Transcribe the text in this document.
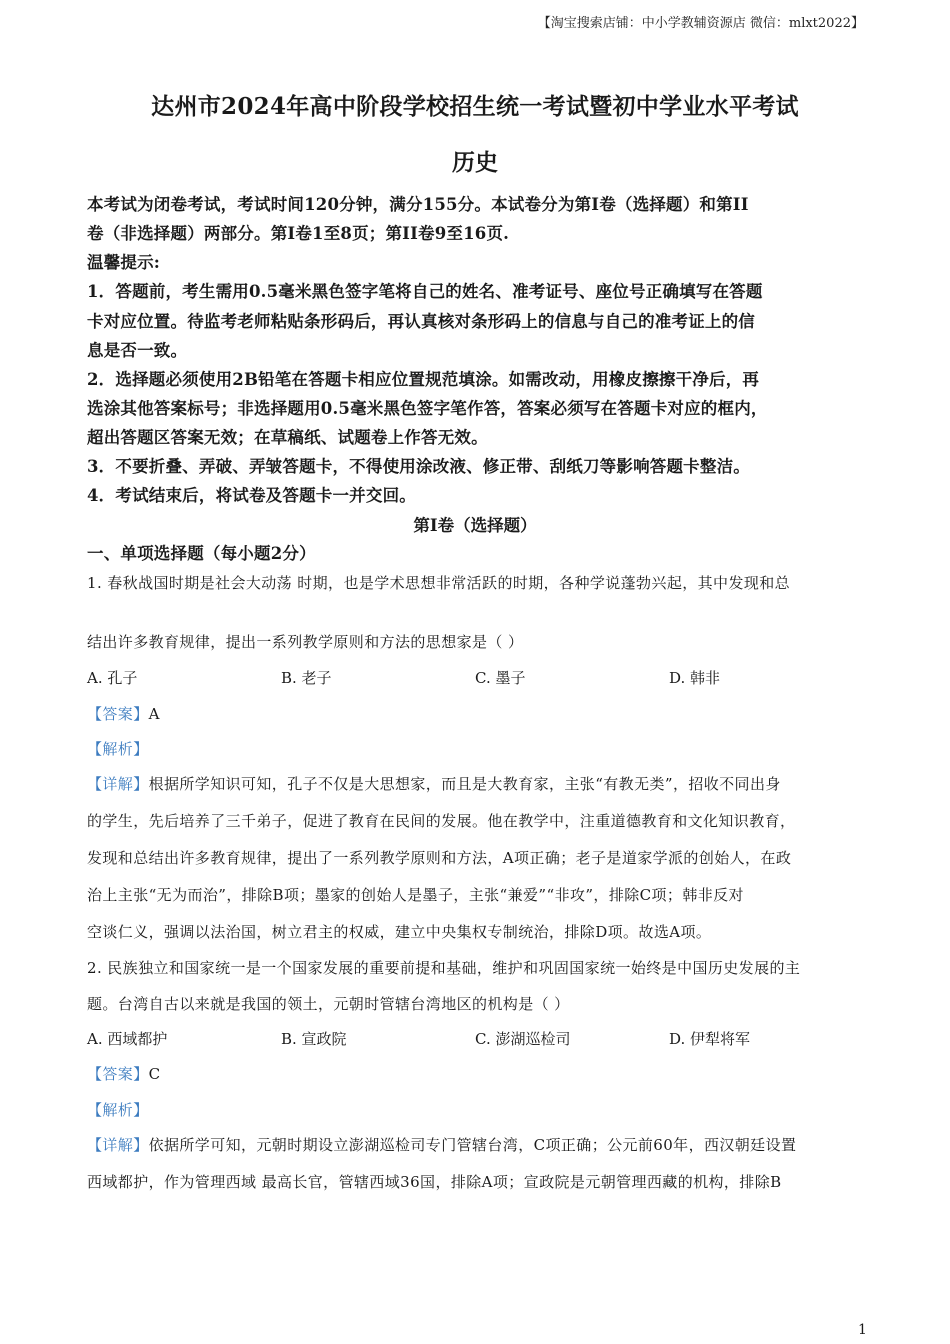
【淘宝搜索店铺：中小学教辅资源店 微信：mlxt2022】
达州市2024年高中阶段学校招生统一考试暨初中学业水平考试
历史
本考试为闭卷考试，考试时间120分钟，满分155分。本试卷分为第I卷（选择题）和第II
卷（非选择题）两部分。第I卷1至8页；第II卷9至16页.
温馨提示:
1．答题前，考生需用0.5毫米黑色签字笔将自己的姓名、准考证号、座位号正确填写在答题
卡对应位置。待监考老师粘贴条形码后，再认真核对条形码上的信息与自己的准考证上的信
息是否一致。
2．选择题必须使用2B铅笔在答题卡相应位置规范填涂。如需改动，用橡皮擦擦干净后，再
选涂其他答案标号；非选择题用0.5毫米黑色签字笔作答，答案必须写在答题卡对应的框内，
超出答题区答案无效；在草稿纸、试题卷上作答无效。
3．不要折叠、弄破、弄皱答题卡，不得使用涂改液、修正带、刮纸刀等影响答题卡整洁。
4．考试结束后，将试卷及答题卡一并交回。
第Ⅰ卷（选择题）
一、单项选择题（每小题2分）
1. 春秋战国时期是社会大动荡 时期，也是学术思想非常活跃的时期，各种学说蓬勃兴起，其中发现和总
结出许多教育规律，提出一系列教学原则和方法的思想家是（ ）
A. 孔子	B. 老子	C. 墨子	D. 韩非
【答案】A
【解析】
【详解】根据所学知识可知，孔子不仅是大思想家，而且是大教育家，主张“有教无类”，招收不同出身
的学生，先后培养了三千弟子，促进了教育在民间的发展。他在教学中，注重道德教育和文化知识教育，
发现和总结出许多教育规律，提出了一系列教学原则和方法，A项正确；老子是道家学派的创始人，在政
治上主张“无为而治”，排除B项；墨家的创始人是墨子，主张“兼爱”“非攻”，排除C项；韩非反对
空谈仁义，强调以法治国，树立君主的权威，建立中央集权专制统治，排除D项。故选A项。
2. 民族独立和国家统一是一个国家发展的重要前提和基础，维护和巩固国家统一始终是中国历史发展的主
题。台湾自古以来就是我国的领土，元朝时管辖台湾地区的机构是（ ）
A. 西域都护	B. 宣政院	C. 澎湖巡检司	D. 伊犁将军
【答案】C
【解析】
【详解】依据所学可知，元朝时期设立澎湖巡检司专门管辖台湾，C项正确；公元前60年，西汉朝廷设置
西域都护，作为管理西域 最高长官，管辖西域36国，排除A项；宣政院是元朝管理西藏的机构，排除B
1
